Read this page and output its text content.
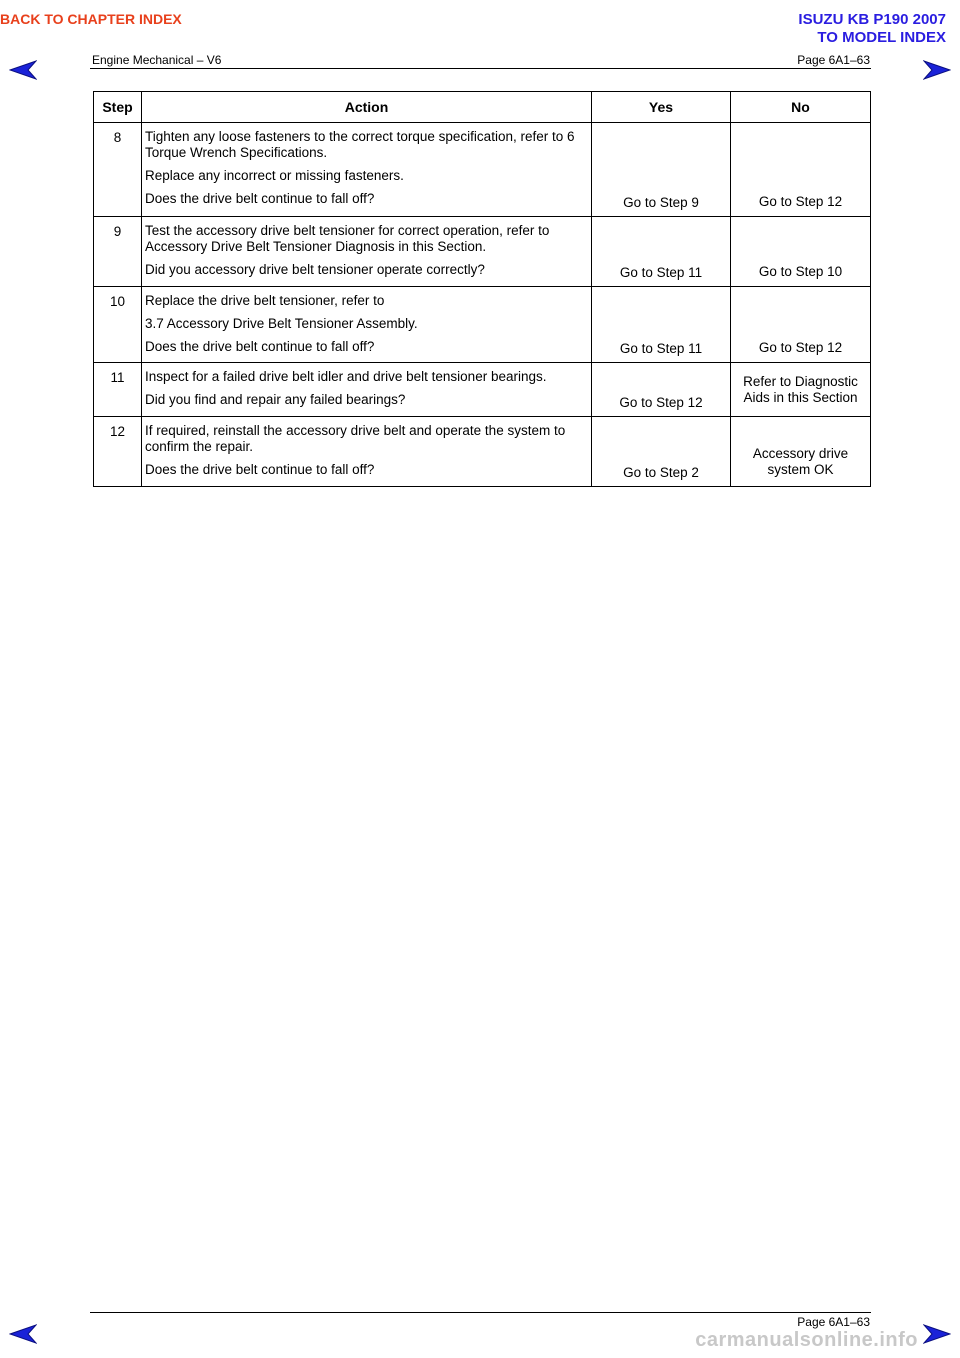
BACK TO CHAPTER INDEX	ISUZU KB P190 2007
TO MODEL INDEX
Engine Mechanical – V6	Page 6A1–63
Step	Action	Yes	No
8	Tighten any loose fasteners to the correct torque specification, refer to 6 Torque Wrench Specifications.

Replace any incorrect or missing fasteners.

Does the drive belt continue to fall off?	Go to Step 9	Go to Step 12
9	Test the accessory drive belt tensioner for correct operation, refer to Accessory Drive Belt Tensioner Diagnosis in this Section.

Did you accessory drive belt tensioner operate correctly?	Go to Step 11	Go to Step 10
10	Replace the drive belt tensioner, refer to

3.7 Accessory Drive Belt Tensioner Assembly.

Does the drive belt continue to fall off?	Go to Step 11	Go to Step 12
11	Inspect for a failed drive belt idler and drive belt tensioner bearings.

Did you find and repair any failed bearings?	Go to Step 12	Refer to Diagnostic Aids in this Section
12	If required, reinstall the accessory drive belt and operate the system to confirm the repair.

Does the drive belt continue to fall off?	Go to Step 2	Accessory drive system OK
Page 6A1–63
carmanualsonline.info
